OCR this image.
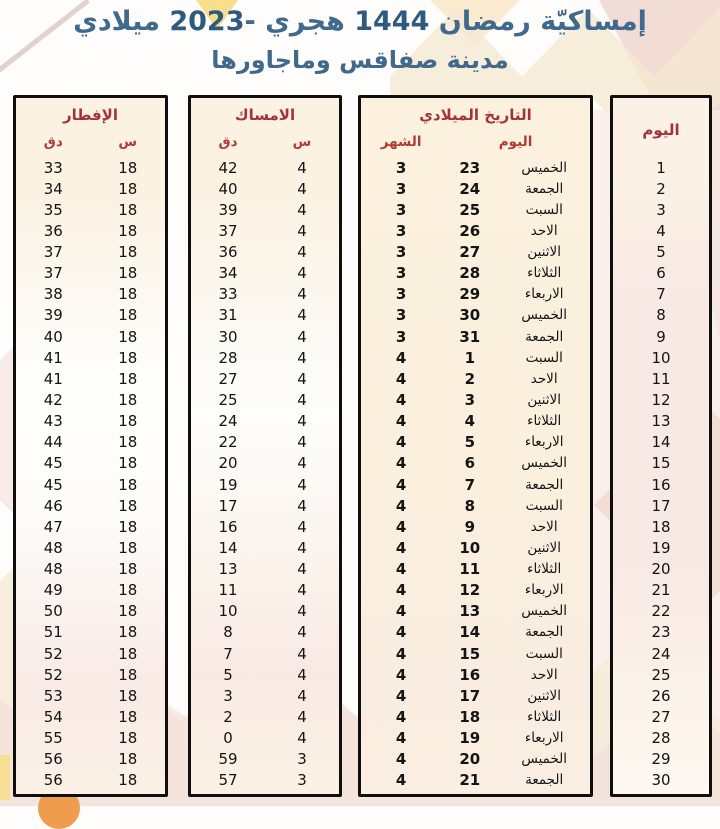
إمساكيّة رمضان 1444 هجري -2023 ميلادي
مدينة صفاقس وماجاورها
الإفطار
س
دق
18
33
18
34
18
35
18
36
18
37
18
37
18
38
18
39
18
40
18
41
18
41
18
42
18
43
18
44
18
45
18
45
18
46
18
47
18
48
18
48
18
49
18
50
18
51
18
52
18
52
18
53
18
54
18
55
18
56
18
56
الامساك
س
دق
4
42
4
40
4
39
4
37
4
36
4
34
4
33
4
31
4
30
4
28
4
27
4
25
4
24
4
22
4
20
4
19
4
17
4
16
4
14
4
13
4
11
4
10
4
8
4
7
4
5
4
3
4
2
4
0
3
59
3
57
التاريخ الميلادي
اليوم
الشهر
الخميس
23
3
الجمعة
24
3
السبت
25
3
الاحد
26
3
الاثنين
27
3
الثلاثاء
28
3
الاربعاء
29
3
الخميس
30
3
الجمعة
31
3
السبت
1
4
الاحد
2
4
الاثنين
3
4
الثلاثاء
4
4
الاربعاء
5
4
الخميس
6
4
الجمعة
7
4
السبت
8
4
الاحد
9
4
الاثنين
10
4
الثلاثاء
11
4
الاربعاء
12
4
الخميس
13
4
الجمعة
14
4
السبت
15
4
الاحد
16
4
الاثنين
17
4
الثلاثاء
18
4
الاربعاء
19
4
الخميس
20
4
الجمعة
21
4
اليوم
1
2
3
4
5
6
7
8
9
10
11
12
13
14
15
16
17
18
19
20
21
22
23
24
25
26
27
28
29
30
